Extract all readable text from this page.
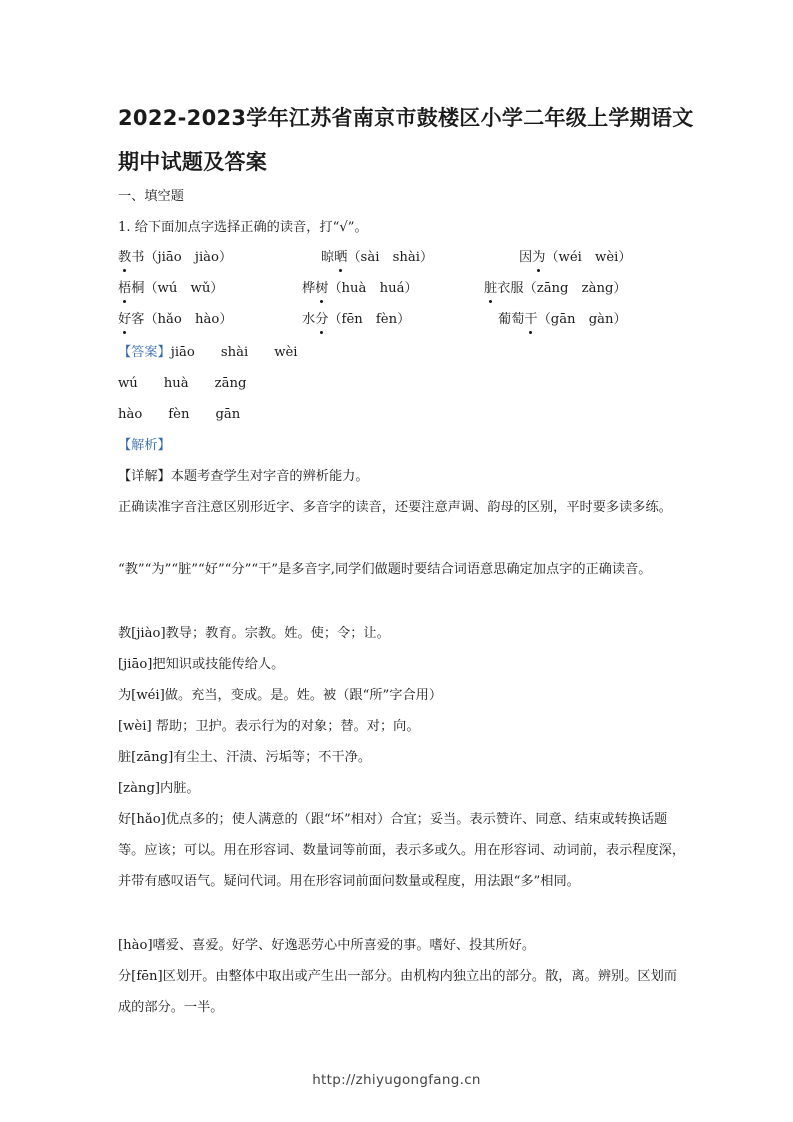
2022-2023学年江苏省南京市鼓楼区小学二年级上学期语文期中试题及答案
一、填空题
1. 给下面加点字选择正确的读音，打“√”。
教书（jiāo　jiào）	晾晒（sài　shài）	因为（wéi　wèi）
梧桐（wú　wǔ）	桦树（huà　huá）	脏衣服（zāng　zàng）
好客（hǎo　hào）	水分（fēn　fèn）	葡萄干（gān　gàn）
【答案】jiāo shài wèi
wú huà zāng
hào fèn gān
【解析】
【详解】本题考查学生对字音的辨析能力。
正确读准字音注意区别形近字、多音字的读音，还要注意声调、韵母的区别，平时要多读多练。
“教”“为”“脏”“好”“分”“干”是多音字,同学们做题时要结合词语意思确定加点字的正确读音。
教[jiào]教导；教育。宗教。姓。使；令；让。
[jiāo]把知识或技能传给人。
为[wéi]做。充当，变成。是。姓。被（跟“所”字合用）
[wèi] 帮助；卫护。表示行为的对象；替。对；向。
脏[zāng]有尘土、汗渍、污垢等；不干净。
[zàng]内脏。
好[hǎo]优点多的；使人满意的（跟“坏”相对）合宜；妥当。表示赞许、同意、结束或转换话题等。应该；可以。用在形容词、数量词等前面，表示多或久。用在形容词、动词前，表示程度深，并带有感叹语气。疑问代词。用在形容词前面问数量或程度，用法跟“多”相同。
[hào]嗜爱、喜爱。好学、好逸恶劳心中所喜爱的事。嗜好、投其所好。
分[fēn]区划开。由整体中取出或产生出一部分。由机构内独立出的部分。散，离。辨别。区划而成的部分。一半。
http://zhiyugongfang.cn
